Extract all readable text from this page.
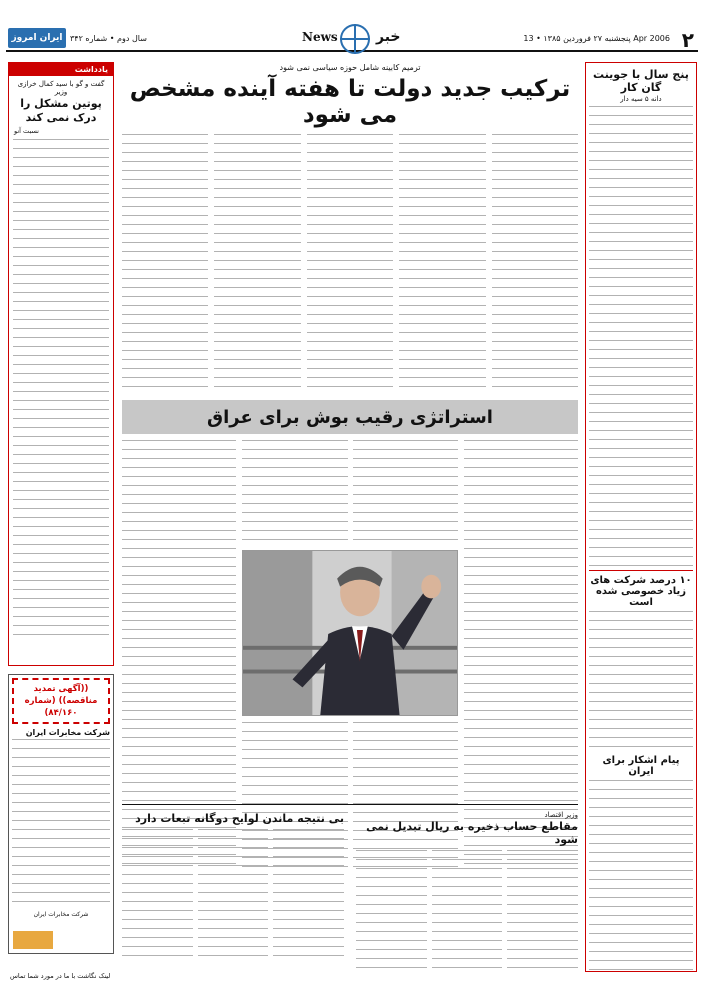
۲
پنجشنبه ۲۷ فروردین ۱۳۸۵ • 13 Apr 2006
خبر
News
سال دوم • شماره ۳۴۲
ایران امروز
پنج سال با جوینت گان کار
دانه ۵ سیه دار
۱۰ درصد شرکت های زیاد خصوصی شده است
پیام اشکار برای ایران
یادداشت
گفت و گو با سید کمال خرازی وزیر
پوتین مشکل را درک نمی کند
نسبت آنو
((آگهی تمدید مناقصه)) (شماره ۸۴/۱۶۰)
شرکت مخابرات ایران
شرکت مخابرات ایران
ترمیم کابینه شامل حوزه سیاسی نمی شود
ترکیب جدید دولت تا هفته آینده مشخص می شود
استراتژی رقیب بوش برای عراق
وزیر اقتصاد
مقاطع حساب ذخیره به ریال تبدیل نمی شود
بی نتیجه ماندن لوایح دوگانه تبعات دارد
لینک نگاشت با ما در مورد شما تماس
